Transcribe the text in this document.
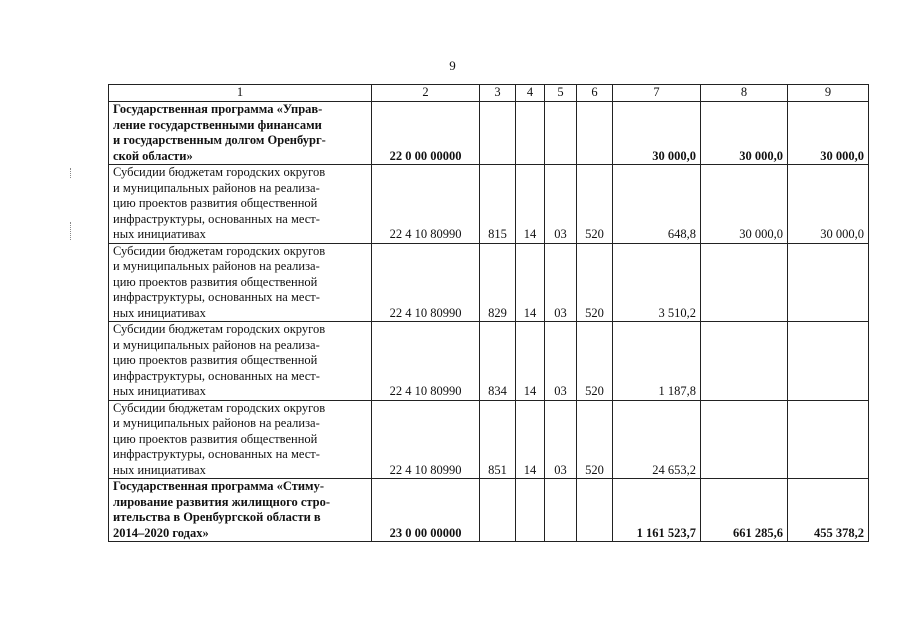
9
1	2	3	4	5	6	7	8	9

Государственная программа «Управ-
ление государственными финансами
и государственным долгом Оренбург-
ской области»	22 0 00 00000					30 000,0	30 000,0	30 000,0

Субсидии бюджетам городских округов
и муниципальных районов на реализа-
цию проектов развития общественной
инфраструктуры, основанных на мест-
ных инициативах	22 4 10 80990	815	14	03	520	648,8	30 000,0	30 000,0

Субсидии бюджетам городских округов
и муниципальных районов на реализа-
цию проектов развития общественной
инфраструктуры, основанных на мест-
ных инициативах	22 4 10 80990	829	14	03	520	3 510,2		

Субсидии бюджетам городских округов
и муниципальных районов на реализа-
цию проектов развития общественной
инфраструктуры, основанных на мест-
ных инициативах	22 4 10 80990	834	14	03	520	1 187,8		

Субсидии бюджетам городских округов
и муниципальных районов на реализа-
цию проектов развития общественной
инфраструктуры, основанных на мест-
ных инициативах	22 4 10 80990	851	14	03	520	24 653,2		

Государственная программа «Стиму-
лирование развития жилищного стро-
ительства в Оренбургской области в
2014–2020 годах»	23 0 00 00000					1 161 523,7	661 285,6	455 378,2
